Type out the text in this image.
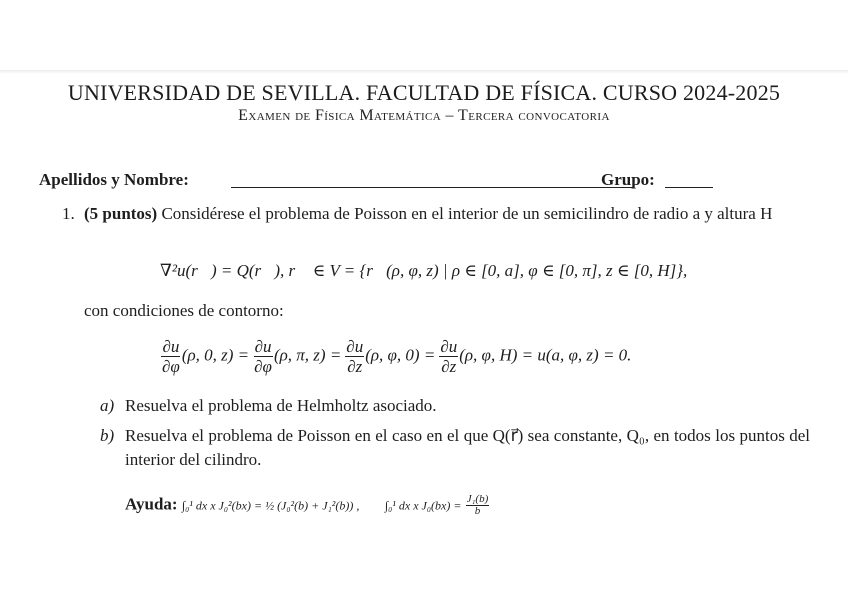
UNIVERSIDAD DE SEVILLA. FACULTAD DE FÍSICA. CURSO 2024-2025
Examen de Física Matemática – Tercera convocatoria
Apellidos y Nombre:	Grupo:
1. (5 puntos) Considérese el problema de Poisson en el interior de un semicilindro de radio a y altura H
∇²u(r⃗) = Q(r⃗), r⃗ ∈ V = {r⃗(ρ, φ, z) | ρ ∈ [0, a], φ ∈ [0, π], z ∈ [0, H]},
con condiciones de contorno:
$\frac{\partial u}{\partial\varphi} (\rho$, 0, $z) = \frac{\partial u}{\partial\varphi} (\rho$, π, $z) = \frac{\partial u}{\partial z} (\rho$, φ, $0) = \frac{\partial u}{\partial z} (\rho$, φ, H) = u(a, φ, z) = 0.
a) Resuelva el problema de Helmholtz asociado.
b) Resuelva el problema de Poisson en el caso en el que Q(r⃗) sea constante, Q₀, en todos los puntos del interior del cilindro.
Ayuda: ∫₀¹ dx x J₀²(bx) = ½ (J₀²(b) + J₁²(b)) , ∫₀¹ dx x $J_0(bx) = \frac{\text{J₁(b)}}{b}$
